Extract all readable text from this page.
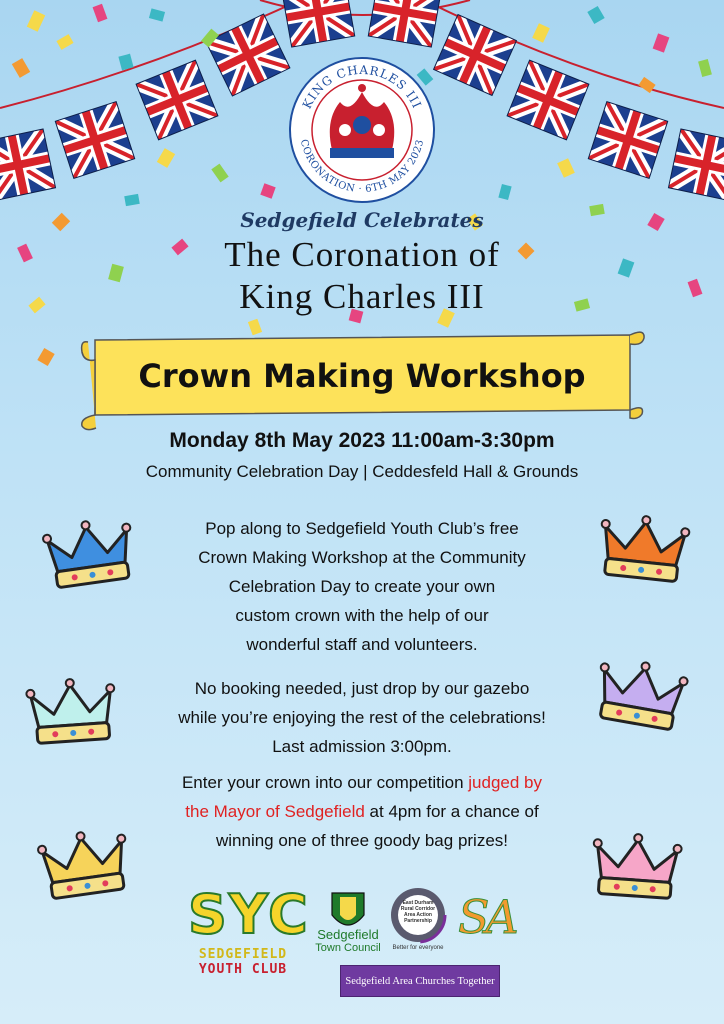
KING CHARLES III
CORONATION · 6TH MAY 2023
Sedgefield Celebrates
The Coronation of
King Charles III
Crown Making Workshop
Monday 8th May 2023 11:00am-3:30pm
Community Celebration Day | Ceddesfeld Hall & Grounds
Pop along to Sedgefield Youth Club’s free
Crown Making Workshop at the Community
Celebration Day to create your own
custom crown with the help of our
wonderful staff and volunteers.
No booking needed, just drop by our gazebo
while you’re enjoying the rest of the celebrations!
Last admission 3:00pm.
Enter your crown into our competition judged by
the Mayor of Sedgefield at 4pm for a chance of
winning one of three goody bag prizes!
SYC
SEDGEFIELD
YOUTH CLUB
Sedgefield
Town Council
East Durham
Rural Corridor
Area Action
Partnership
Better for everyone
SA
Sedgefield Area Churches Together
